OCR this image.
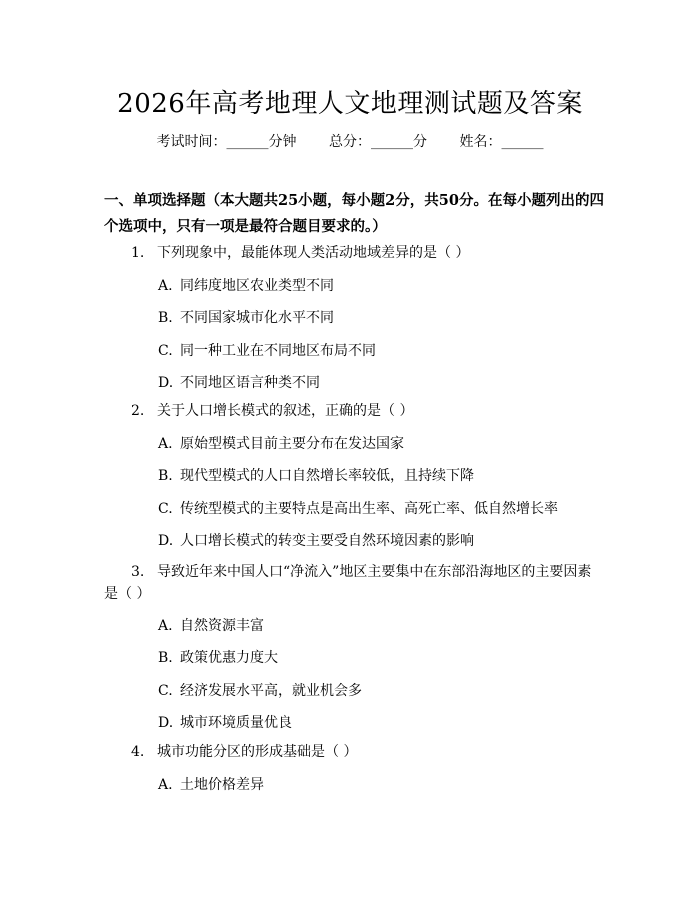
2026年高考地理人文地理测试题及答案
考试时间：______分钟 总分：______分 姓名：______
一、单项选择题（本大题共25小题，每小题2分，共50分。在每小题列出的四个选项中，只有一项是最符合题目要求的。）
1. 下列现象中，最能体现人类活动地域差异的是（ ）
A. 同纬度地区农业类型不同
B. 不同国家城市化水平不同
C. 同一种工业在不同地区布局不同
D. 不同地区语言种类不同
2. 关于人口增长模式的叙述，正确的是（ ）
A. 原始型模式目前主要分布在发达国家
B. 现代型模式的人口自然增长率较低，且持续下降
C. 传统型模式的主要特点是高出生率、高死亡率、低自然增长率
D. 人口增长模式的转变主要受自然环境因素的影响
3. 导致近年来中国人口“净流入”地区主要集中在东部沿海地区的主要因素
是（ ）
A. 自然资源丰富
B. 政策优惠力度大
C. 经济发展水平高，就业机会多
D. 城市环境质量优良
4. 城市功能分区的形成基础是（ ）
A. 土地价格差异
